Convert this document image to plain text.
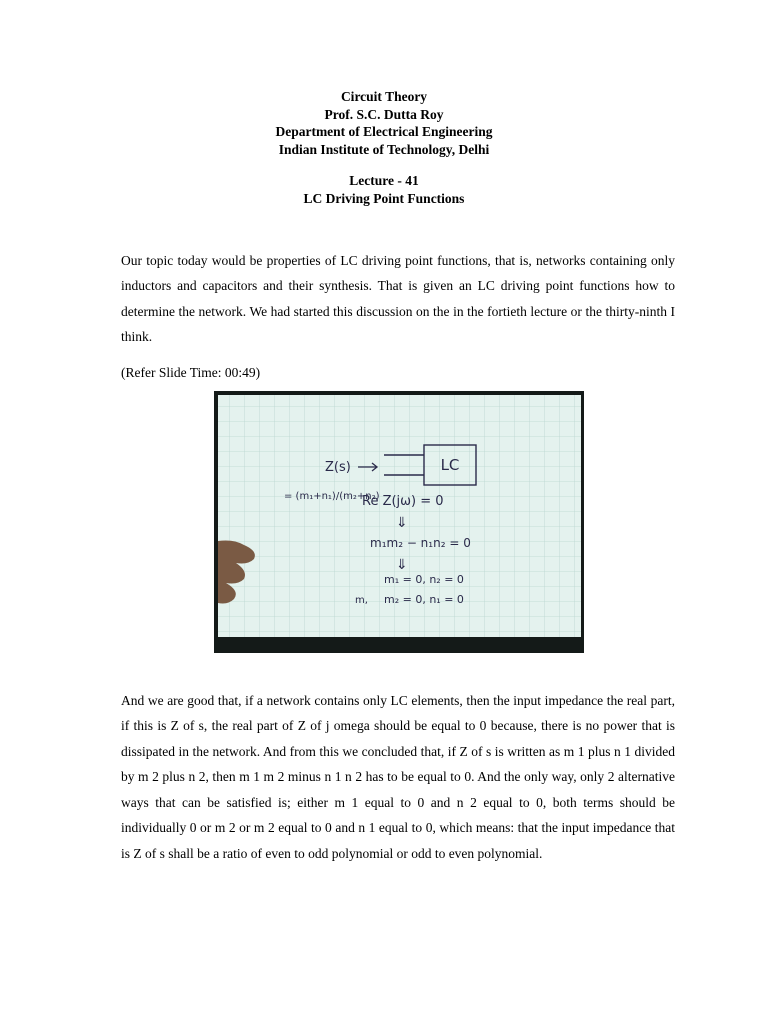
Circuit Theory
Prof. S.C. Dutta Roy
Department of Electrical Engineering
Indian Institute of Technology, Delhi
Lecture - 41
LC Driving Point Functions

Our topic today would be properties of LC driving point functions, that is, networks containing only inductors and capacitors and their synthesis. That is given an LC driving point functions how to determine the network. We had started this discussion on the in the fortieth lecture or the thirty-ninth I think.

(Refer Slide Time: 00:49)

LC
Z(s)
= (m₁+n₁)/(m₂+n₂)
Re Z(jω) = 0
⇓
m₁m₂ − n₁n₂ = 0
⇓
m₁ = 0, n₂ = 0
m, m₂ = 0, n₁ = 0

And we are good that, if a network contains only LC elements, then the input impedance the real part, if this is Z of s, the real part of Z of j omega should be equal to 0 because, there is no power that is dissipated in the network. And from this we concluded that, if Z of s is written as m 1 plus n 1 divided by m 2 plus n 2, then m 1 m 2 minus n 1 n 2 has to be equal to 0. And the only way, only 2 alternative ways that can be satisfied is; either m 1 equal to 0 and n 2 equal to 0, both terms should be individually 0 or m 2 or m 2 equal to 0 and n 1 equal to 0, which means: that the input impedance that is Z of s shall be a ratio of even to odd polynomial or odd to even polynomial.
